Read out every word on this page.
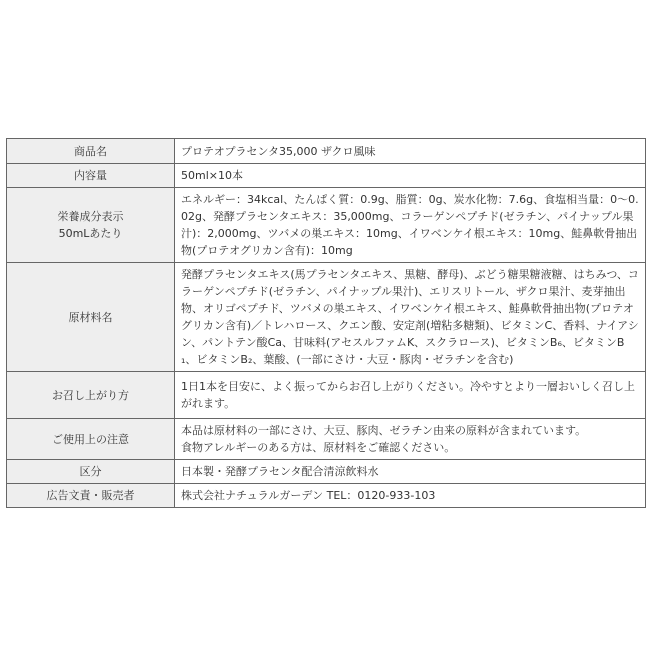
商品名	プロテオプラセンタ35,000 ザクロ風味
内容量	50ml×10本

栄養成分表示
50mLあたり	エネルギー：34kcal、たんぱく質：0.9g、脂質：0g、炭水化物：7.6g、食塩相当量：0～0.02g、発酵プラセンタエキス：35,000mg、コラーゲンペプチド(ゼラチン、パイナップル果汁)：2,000mg、ツバメの巣エキス：10mg、イワベンケイ根エキス：10mg、鮭鼻軟骨抽出物(プロテオグリカン含有)：10mg
原材料名	発酵プラセンタエキス(馬プラセンタエキス、黒糖、酵母)、ぶどう糖果糖液糖、はちみつ、コラーゲンペプチド(ゼラチン、パイナップル果汁)、エリスリトール、ザクロ果汁、麦芽抽出物、オリゴペプチド、ツバメの巣エキス、イワベンケイ根エキス、鮭鼻軟骨抽出物(プロテオグリカン含有)／トレハロース、クエン酸、安定剤(増粘多糖類)、ビタミンC、香料、ナイアシン、パントテン酸Ca、甘味料(アセスルファムK、スクラロース)、ビタミンB₆、ビタミンB₁、ビタミンB₂、葉酸、(一部にさけ・大豆・豚肉・ゼラチンを含む)
お召し上がり方	1日1本を目安に、よく振ってからお召し上がりください。冷やすとより一層おいしく召し上がれます。
ご使用上の注意	本品は原材料の一部にさけ、大豆、豚肉、ゼラチン由来の原料が含まれています。
食物アレルギーのある方は、原材料をご確認ください。

区分	日本製・発酵プラセンタ配合清涼飲料水
広告文責・販売者	株式会社ナチュラルガーデン TEL：0120-933-103
